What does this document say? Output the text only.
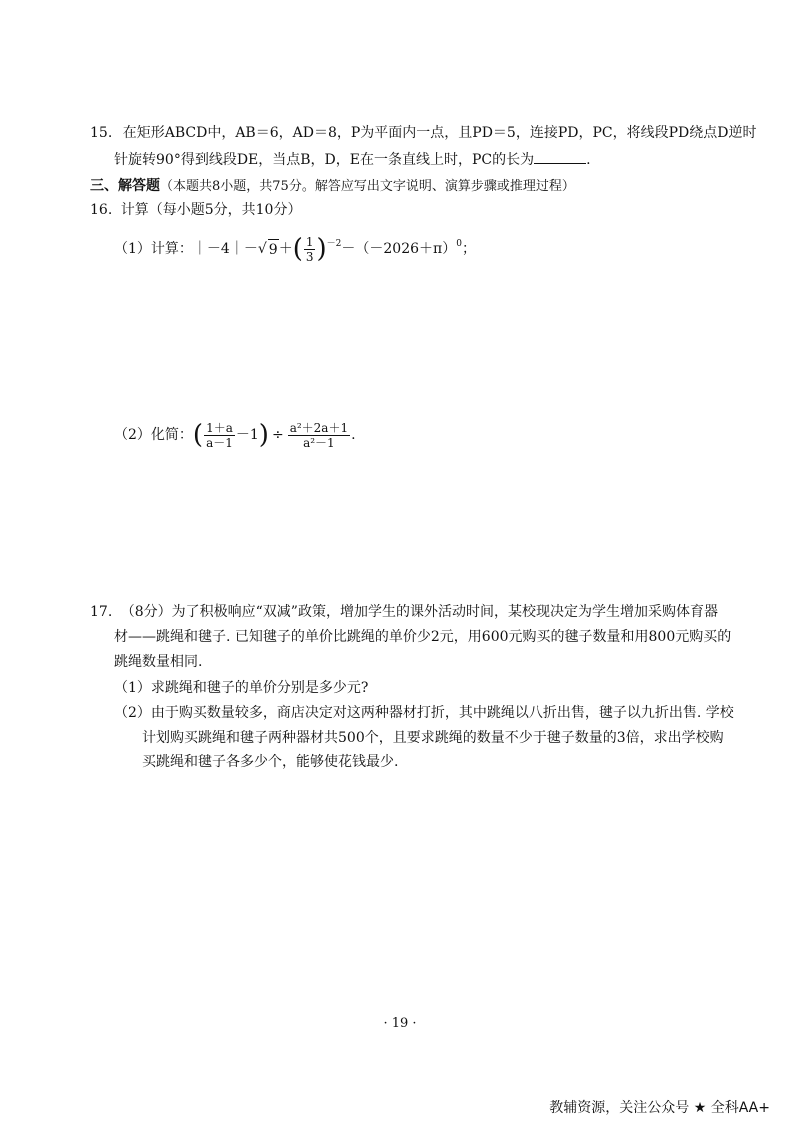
15. 在矩形ABCD中，AB＝6，AD＝8，P为平面内一点，且PD＝5，连接PD，PC，将线段PD绕点D逆时
针旋转90°得到线段DE，当点B，D，E在一条直线上时，PC的长为	.
三、解答题（本题共8小题，共75分。解答应写出文字说明、演算步骤或推理过程）
16. 计算（每小题5分，共10分）
（1）计算： ｜－4｜ － √ 9 ＋ ( $\frac{1}{3}$ ) －2 － （－2026＋π） 0 ；
（2）化简： ( $\frac{1+a}{a-1} -1$ ) ÷ $\frac{\text{a²＋2a＋1}}{\text{a²－1}}$ .
17. （8分）为了积极响应“双减”政策，增加学生的课外活动时间，某校现决定为学生增加采购体育器
材——跳绳和毽子. 已知毽子的单价比跳绳的单价少2元，用600元购买的毽子数量和用800元购买的
跳绳数量相同.
（1）求跳绳和毽子的单价分别是多少元?
（2）由于购买数量较多，商店决定对这两种器材打折，其中跳绳以八折出售，毽子以九折出售. 学校
计划购买跳绳和毽子两种器材共500个，且要求跳绳的数量不少于毽子数量的3倍，求出学校购
买跳绳和毽子各多少个，能够使花钱最少.
· 19 ·
教辅资源，关注公众号 ★ 全科AA+
